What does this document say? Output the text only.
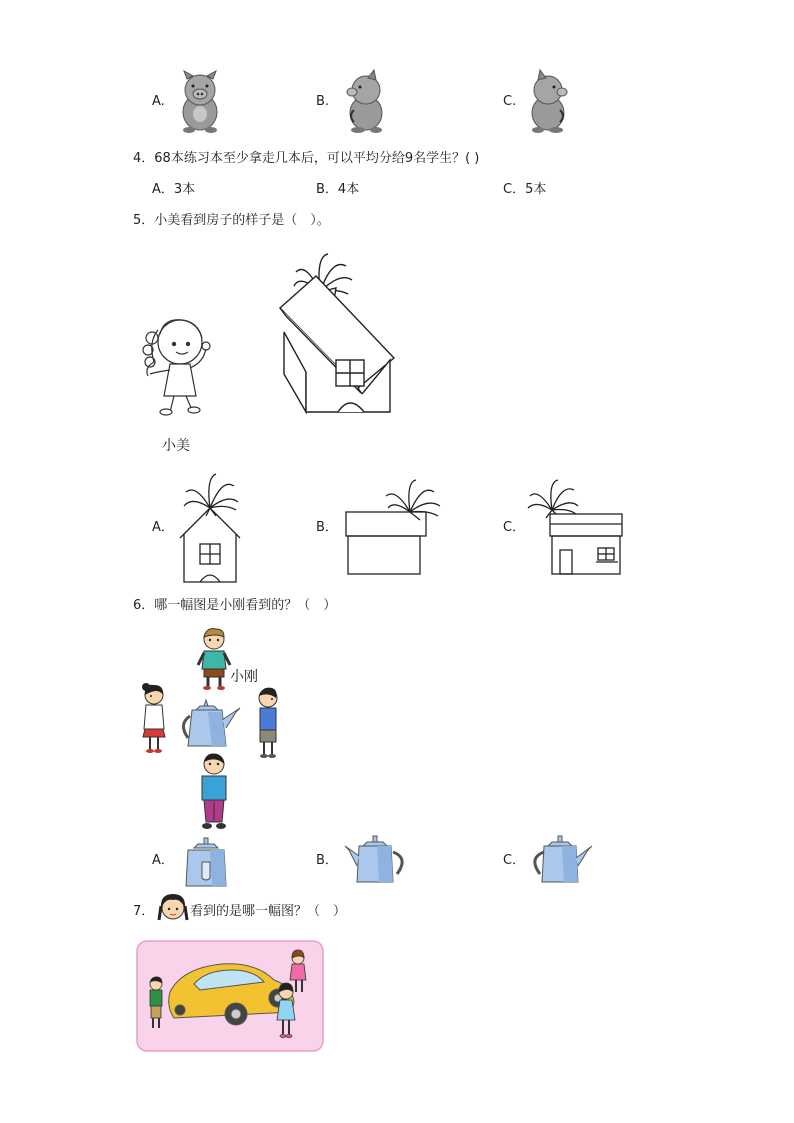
A.	B.	C.
4．68本练习本至少拿走几本后，可以平均分给9名学生？( )
A．3本	B．4本	C．5本
5．小美看到房子的样子是（　）。
小美
A．	B．	C．
6．哪一幅图是小刚看到的？（　）
小刚
A．	B．	C．
7．	看到的是哪一幅图？（　）
